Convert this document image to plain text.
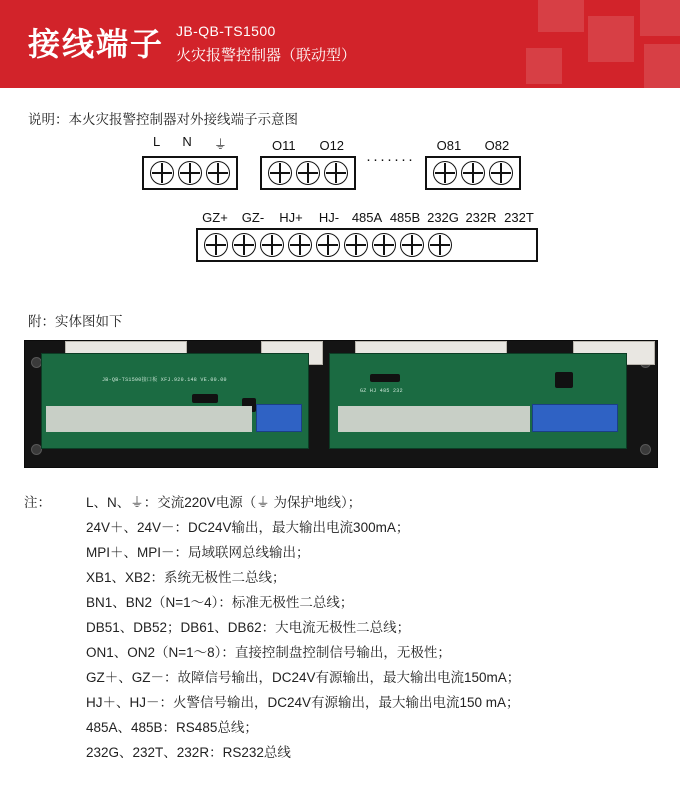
接线端子 JB-QB-TS1500
火灾报警控制器（联动型）
说明：本火灾报警控制器对外接线端子示意图
L N ⏚	O11 O12
·······
O81 O82
GZ+	GZ-	HJ+	HJ- 485A 485B 232G 232R 232T
附：实体图如下
JB-QB-TS1500接口板 XFJ.920.148 VE.00.00
GZ HJ 485 232
注：	L、N、⏚：交流220V电源（⏚ 为保护地线）；
24V＋、24V－：DC24V输出，最大输出电流300mA；
MPI＋、MPI－：局域联网总线输出；
XB1、XB2：系统无极性二总线；
BN1、BN2（N=1～4）：标准无极性二总线；
DB51、DB52；DB61、DB62：大电流无极性二总线；
ON1、ON2（N=1～8）：直接控制盘控制信号输出，无极性；
GZ＋、GZ－：故障信号输出，DC24V有源输出，最大输出电流150mA；
HJ＋、HJ－：火警信号输出，DC24V有源输出，最大输出电流150 mA；
485A、485B：RS485总线；
232G、232T、232R：RS232总线
